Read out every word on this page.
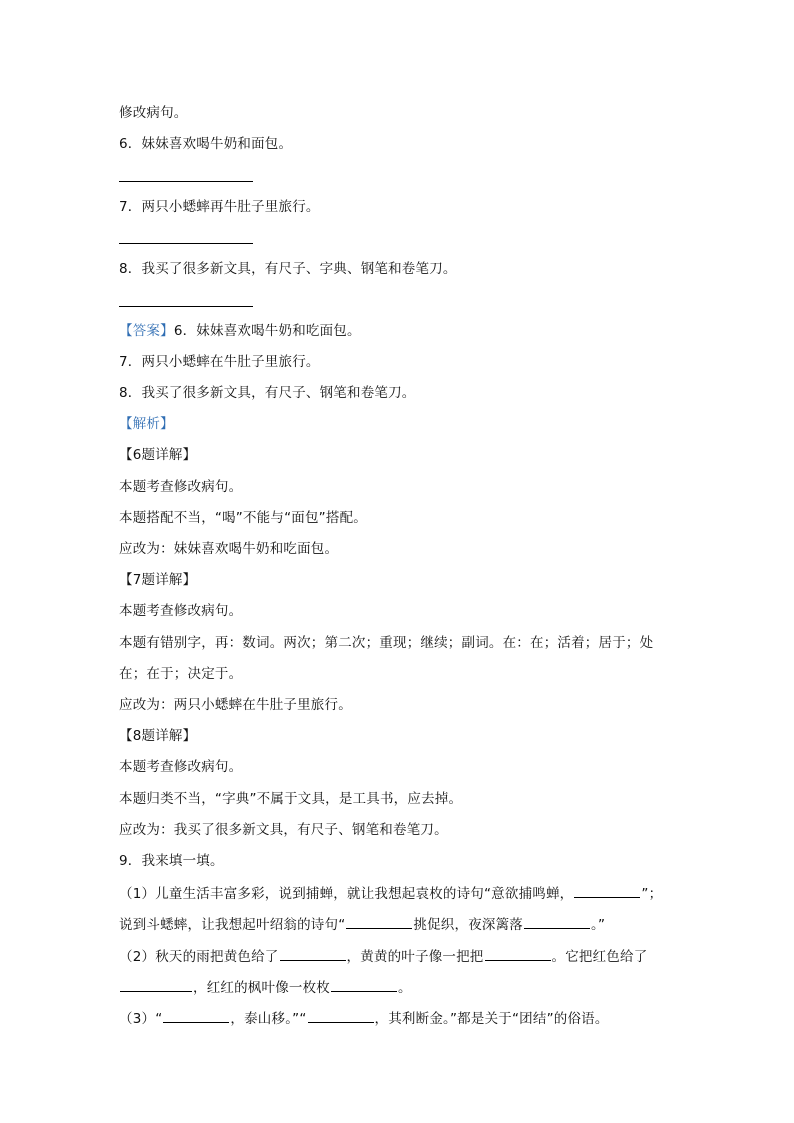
修改病句。
6．妹妹喜欢喝牛奶和面包。
7．两只小蟋蟀再牛肚子里旅行。
8．我买了很多新文具，有尺子、字典、钢笔和卷笔刀。
【答案】6．妹妹喜欢喝牛奶和吃面包。
7．两只小蟋蟀在牛肚子里旅行。
8．我买了很多新文具，有尺子、钢笔和卷笔刀。
【解析】
【6题详解】
本题考查修改病句。
本题搭配不当，“喝”不能与“面包”搭配。
应改为：妹妹喜欢喝牛奶和吃面包。
【7题详解】
本题考查修改病句。
本题有错别字，再：数词。两次；第二次；重现；继续；副词。在：在；活着；居于；处
在；在于；决定于。
应改为：两只小蟋蟀在牛肚子里旅行。
【8题详解】
本题考查修改病句。
本题归类不当，“字典”不属于文具，是工具书，应去掉。
应改为：我买了很多新文具，有尺子、钢笔和卷笔刀。
9．我来填一填。
（1）儿童生活丰富多彩，说到捕蝉，就让我想起袁枚的诗句“意欲捕鸣蝉，	”；
说到斗蟋蟀，让我想起叶绍翁的诗句“	挑促织，夜深篱落	。”
（2）秋天的雨把黄色给了	，黄黄的叶子像一把把	。它把红色给了
，红红的枫叶像一枚枚	。
（3）“	，泰山移。”“	，其利断金。”都是关于“团结”的俗语。
